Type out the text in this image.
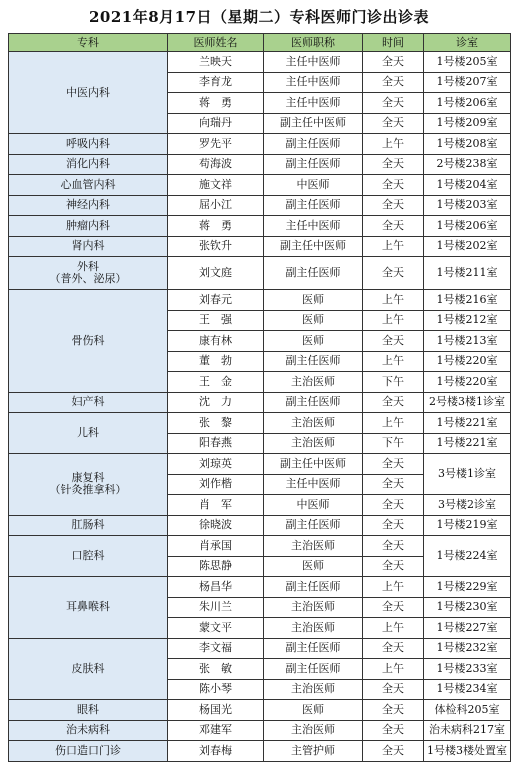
2021年8月17日（星期二）专科医师门诊出诊表
专科	医师姓名	医师职称	时间	诊室
中医内科	兰映天	主任中医师	全天	1号楼205室
	李育龙	主任中医师	全天	1号楼207室
	蒋　勇	主任中医师	全天	1号楼206室
	向瑞丹	副主任中医师	全天	1号楼209室
呼吸内科	罗先平	副主任医师	上午	1号楼208室
消化内科	苟海波	副主任医师	全天	2号楼238室
心血管内科	施文祥	中医师	全天	1号楼204室
神经内科	屈小江	副主任医师	全天	1号楼203室
肿瘤内科	蒋　勇	主任中医师	全天	1号楼206室
肾内科	张钦升	副主任中医师	上午	1号楼202室
外科
（普外、泌尿）	刘文庭	副主任医师	全天	1号楼211室
骨伤科	刘春元	医师	上午	1号楼216室
	王　强	医师	上午	1号楼212室
	康有林	医师	全天	1号楼213室
	董　勃	副主任医师	上午	1号楼220室
	王　金	主治医师	下午	1号楼220室
妇产科	沈　力	副主任医师	全天	2号楼3楼1诊室
儿科	张　黎	主治医师	上午	1号楼221室
	阳春燕	主治医师	下午	1号楼221室
康复科
（针灸推拿科）	刘琼英	副主任中医师	全天	3号楼1诊室
	刘作楷	主任中医师	全天	
	肖　军	中医师	全天	3号楼2诊室
肛肠科	徐晓波	副主任医师	全天	1号楼219室
口腔科	肖承国	主治医师	全天	1号楼224室
	陈思静	医师	全天	
耳鼻喉科	杨昌华	副主任医师	上午	1号楼229室
	朱川兰	主治医师	全天	1号楼230室
	蒙文平	主治医师	上午	1号楼227室
皮肤科	李文福	副主任医师	全天	1号楼232室
	张　敏	副主任医师	上午	1号楼233室
	陈小琴	主治医师	全天	1号楼234室
眼科	杨国光	医师	全天	体检科205室
治未病科	邓建军	主治医师	全天	治未病科217室
伤口造口门诊	刘春梅	主管护师	全天	1号楼3楼处置室
